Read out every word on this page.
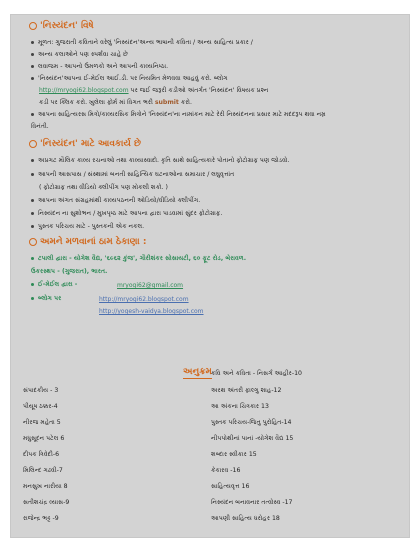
'નિસ્યંદન' વિષે
મૂળત: ગુજરાતી કવિતાને વરેલું 'નિસ્યંદન'અન્ય ભાષાની કવિતા / અન્ય સાહિત્ય પ્રકાર /
અન્ય કલાઓને પણ સ્પર્શવા ચાહે છે
લવાજમ - આપનો ઉમળકો અને આપની કાવ્યનિષ્ઠા.
'નિસ્યંદન'આપના ઈ-મેઈલ આઈ.ડી. પર નિયમિત મેળવવા આહવું કરો. બ્લોગ
http://mryogi62.blogspot.com પર જઈ જરૂરી કડીઓ અંતર્ગત 'નિસ્યંદન' વિષયક પ્રશ્ન
કડી પર ક્લિક કરો. ખુલેલા ફોર્મ માં વિગત ભરી submit કરો.
આપના સાહિત્યરસ મિત્રો/કાવ્યરસિક મિત્રોને 'નિસ્યંદન'ના નામાંકન માટે રેરી નિસ્યંદનના પ્રસાર માટે મદદરૂપ થવા નમ્ર
વિનંતી.
'નિસ્યંદન' માટે આવકાર્ય છે
અપ્રગટ મૌલિક કાવ્ય રચનાઓ તથા કાવ્યાસ્વાદો. કૃતિ સાથે સાહિત્યકારે પોતાનો ફોટોગ્રાફ પણ જોડવો.
આપની આસપાસ / સંસ્થામાં બનતી સાહિત્યિક ઘટનાઓના સમાચાર / લઘુવૃત્તાંત
( ફોટોગ્રાફ તથા વીડિયો ક્લીપીંગ પણ મોકલી શકો. )
આપના અંગત સંગ્રહમાંથી કાવ્યપઠનની ઓડિયો/વીડિયો ક્લીપીંગ.
નિસ્યંદન ના સુશોભન / મુખપૃષ્ઠ માટે આપના દ્વારા પાડવામાં સુંદર ફોટોગ્રાફ.
પુસ્તક પરિચય માટે - પુસ્તકની એક નકલ.
અમને મળવાનાં ઠામ ઠેકાણા :
ટપાલી દ્વારા - યોગેશ વૈદ્ય, '૬૯૬૨ કુંજ', ગૌરીશંકર સોસાયટી, ૬૦ ફૂટ રોડ, બેરાવળ.
ઉકરસ્થપ - (ગુજરાત), ભારત.
ઈ-મેઈલ દ્વારા -	mryogi62@gmail.com
બ્લોગ પર	http://mryogi62.blogspot.com
http://yogesh-vaidya.blogspot.com
અનુક્રમ
સંપાદકીય - 3
પીયૂષ ઠક્કર-4
નીરજ મહેતા 5
મધુસૂદન પટેલ 6
દીપક ત્રિવેદી-6
મિલિન્દ ગઢવી-7
મનસુખ નારીયા 8
સતીશચંદ્ર વ્યાસ-9
રાજેન્દ્ર ભટ્ટ -9
કવિ અને કવિતા - નિસર્ગ આહીર-10
અરથ અંતરી ફાલ્ગુ શાહ-12
આ અંકના ચિત્રકાર 13
પુસ્તક પરિચય-જિતુ પુરોહિત-14
નીપપોથીનાં પાનાં -યોગેશ વૈદ્ય 15
શબ્દાર સ્વીકાર 15
કેકારવ -16
સાહિત્યવૃત્ત 16
નિસ્યંદન બનાવનાર તત્વોસ્વ -17
આપણી સાહિત્ય ધરોહર 18
